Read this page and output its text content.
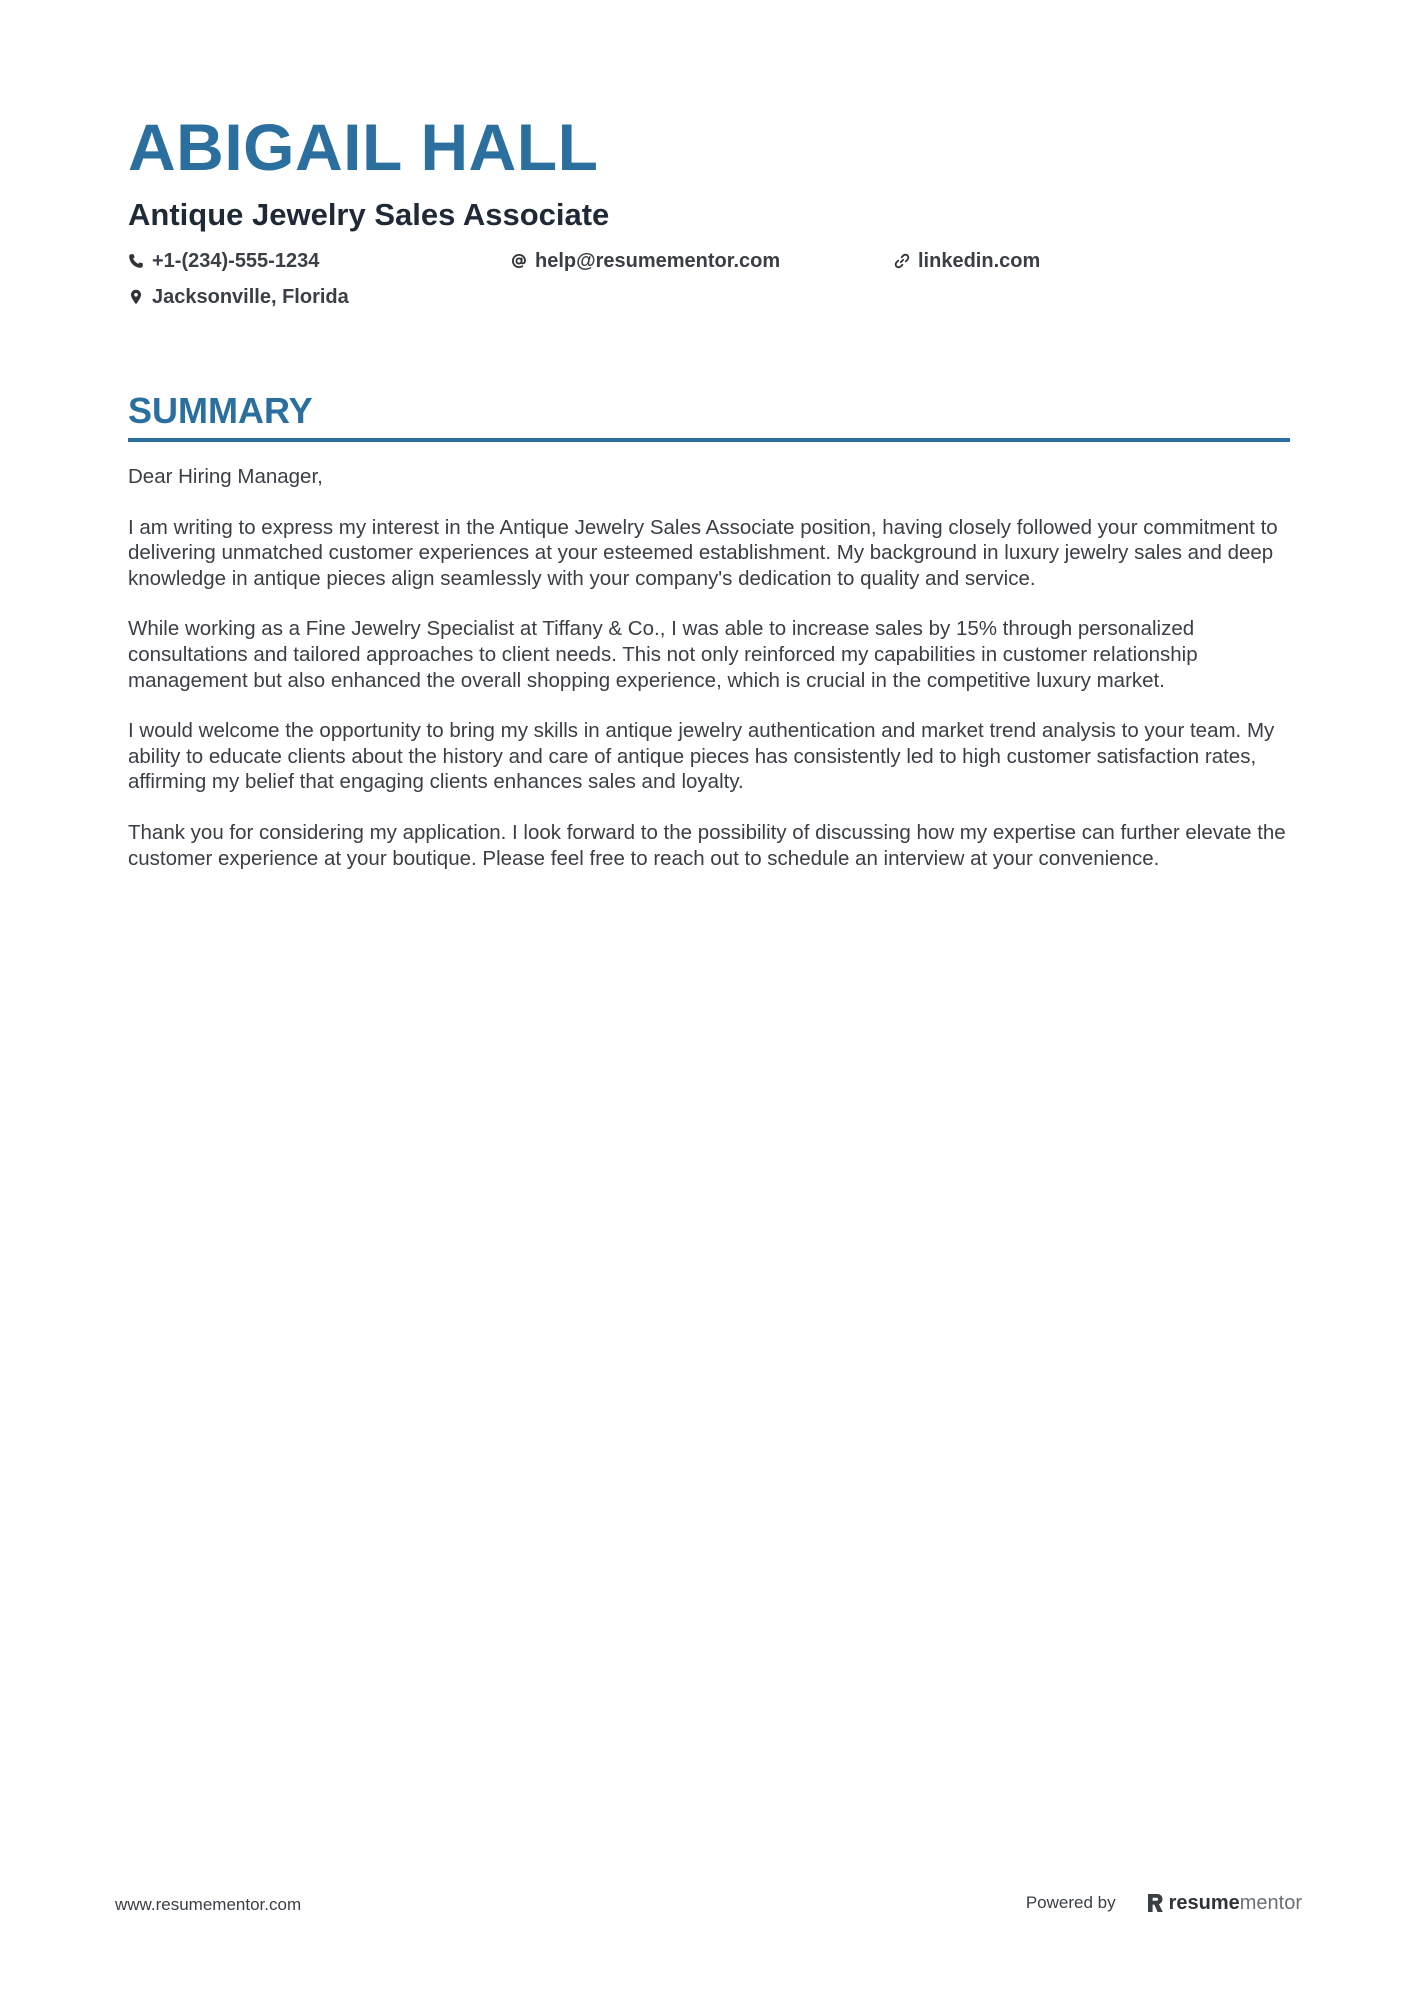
ABIGAIL HALL
Antique Jewelry Sales Associate
+1-(234)-555-1234	help@resumementor.com	linkedin.com
Jacksonville, Florida
SUMMARY

Dear Hiring Manager,

I am writing to express my interest in the Antique Jewelry Sales Associate position, having closely followed your commitment to delivering unmatched customer experiences at your esteemed establishment. My background in luxury jewelry sales and deep knowledge in antique pieces align seamlessly with your company's dedication to quality and service.

While working as a Fine Jewelry Specialist at Tiffany & Co., I was able to increase sales by 15% through personalized consultations and tailored approaches to client needs. This not only reinforced my capabilities in customer relationship management but also enhanced the overall shopping experience, which is crucial in the competitive luxury market.

I would welcome the opportunity to bring my skills in antique jewelry authentication and market trend analysis to your team. My ability to educate clients about the history and care of antique pieces has consistently led to high customer satisfaction rates, affirming my belief that engaging clients enhances sales and loyalty.

Thank you for considering my application. I look forward to the possibility of discussing how my expertise can further elevate the customer experience at your boutique. Please feel free to reach out to schedule an interview at your convenience.

www.resumementor.com	Powered by	resume mentor
